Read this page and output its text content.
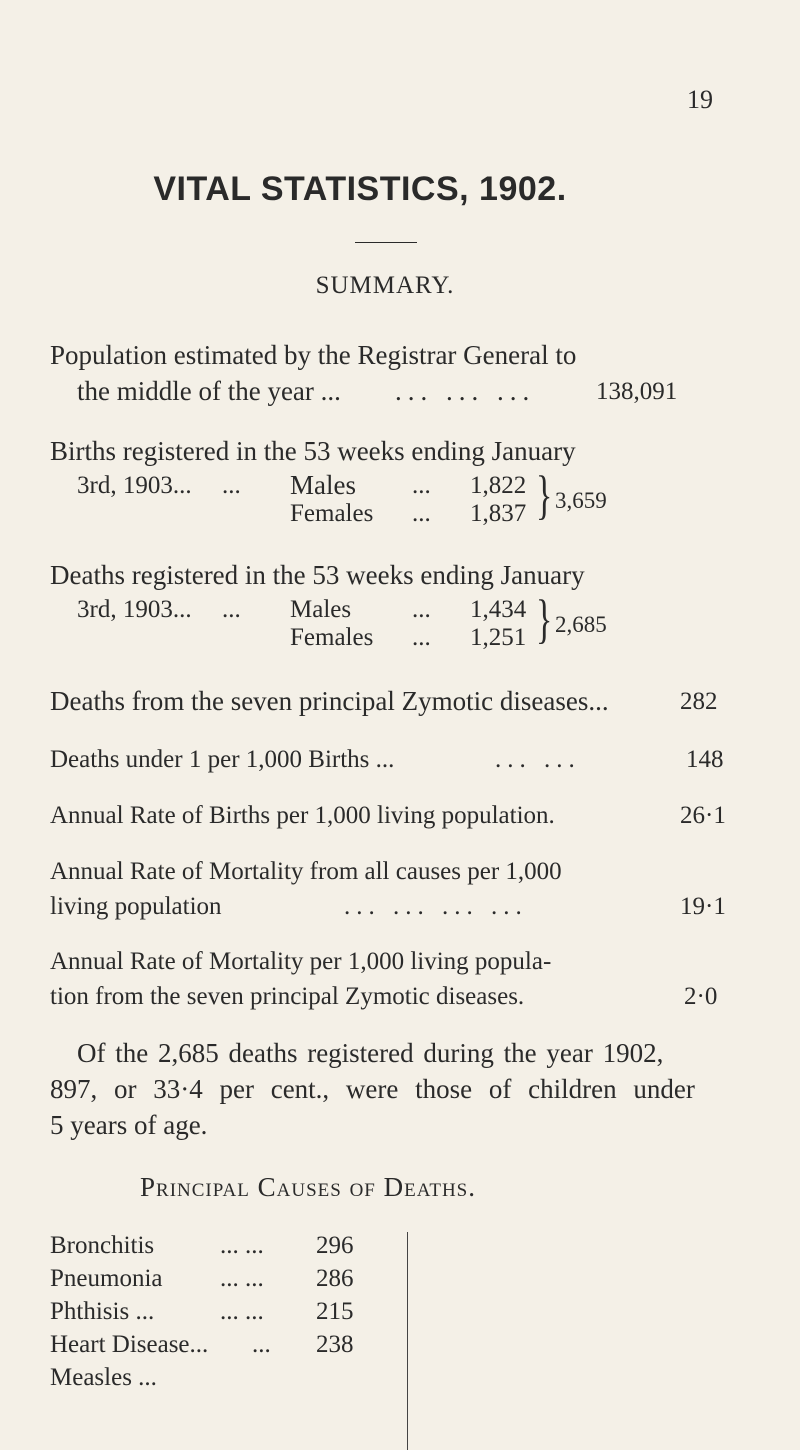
19
VITAL STATISTICS, 1902.
SUMMARY.
Population estimated by the Registrar General to
the middle of the year ... ... ... ... 138,091
Births registered in the 53 weeks ending January
3rd, 1903... ... Males ... 1,822
Females ... 1,837 } 3,659
Deaths registered in the 53 weeks ending January
3rd, 1903... ... Males ... 1,434
Females ... 1,251 } 2,685
Deaths from the seven principal Zymotic diseases...	282
Deaths under 1 per 1,000 Births ...	... ...	148
Annual Rate of Births per 1,000 living population.	26·1
Annual Rate of Mortality from all causes per 1,000
living population	... ... ... ...	19·1
Annual Rate of Mortality per 1,000 living popula-
tion from the seven principal Zymotic diseases.	2·0
Of the 2,685 deaths registered during the year 1902,
897, or 33·4 per cent., were those of children under
5 years of age.
Principal Causes of Deaths.
Bronchitis	... ... 296
Pneumonia ... ... 286
Phthisis ...	... ... 215
Heart Disease... ... 238
Measles ...
